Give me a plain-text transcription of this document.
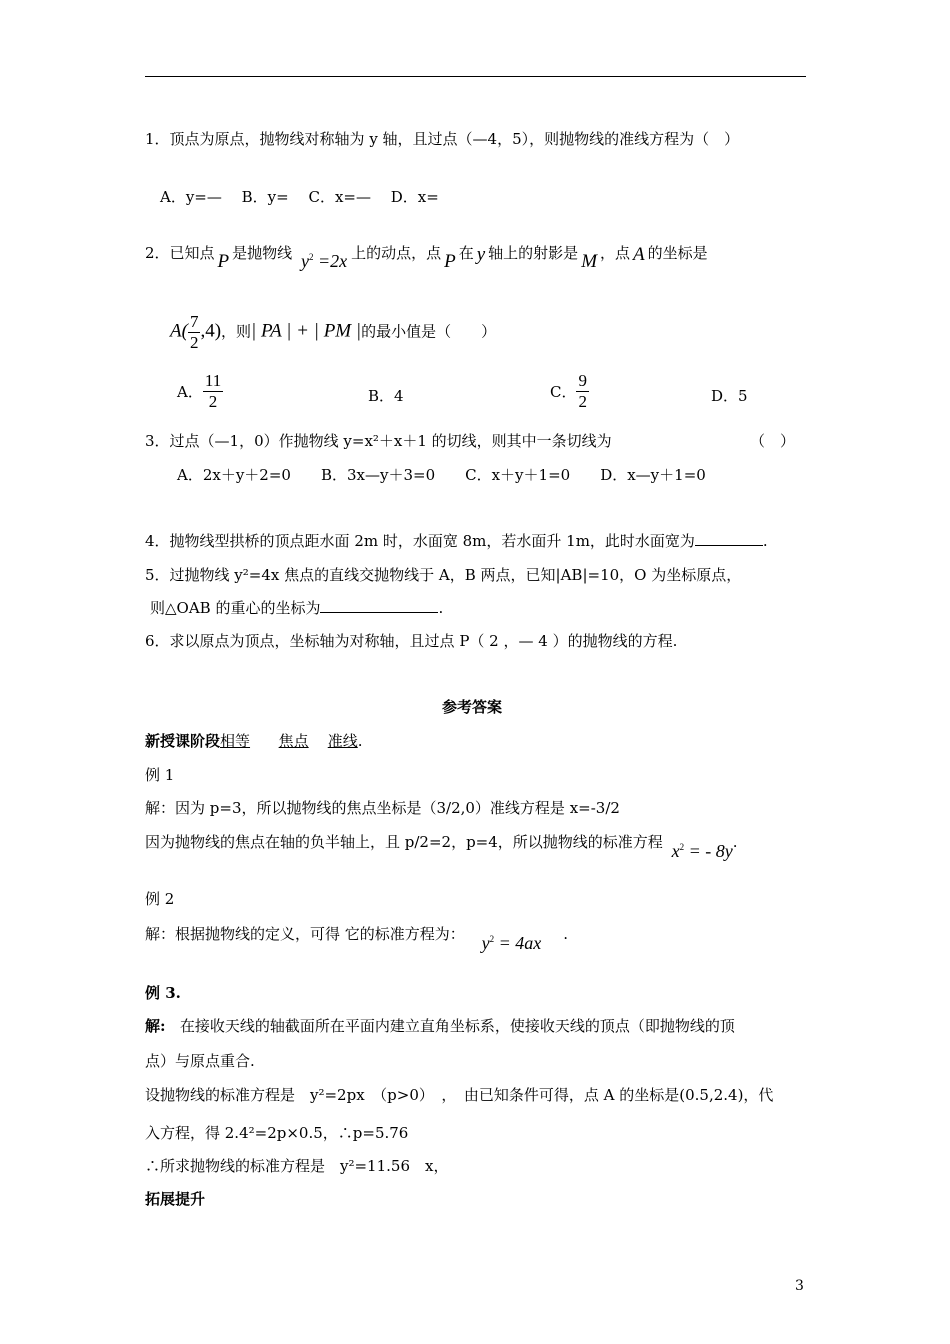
1．顶点为原点，抛物线对称轴为 y 轴，且过点（—4，5），则抛物线的准线方程为（　）
A．y=—　 B．y=　 C．x=—　 D．x=
2．已知点 P 是抛物线 $y^2 =2x$ 上的动点，点 P 在 y 轴上的射影是 M ，点 A 的坐标是
$A( \frac{7}{2} ,4)$，则| PA | + | PM |的最小值是（　　）
A． $\frac{11}{2}$	B．4	C． $\frac{9}{2}$	D．5
3．过点（—1，0）作抛物线 y=x²＋x＋1 的切线，则其中一条切线为	（　）
A．2x＋y＋2=0　　B．3x—y＋3=0　　C．x＋y＋1=0　　D．x—y＋1=0
4．抛物线型拱桥的顶点距水面 2m 时，水面宽 8m，若水面升 1m，此时水面宽为	.
5．过抛物线 y²=4x 焦点的直线交抛物线于 A，B 两点，已知|AB|=10，O 为坐标原点，
则△OAB 的重心的坐标为	.
6．求以原点为顶点，坐标轴为对称轴，且过点 P（ 2 ，— 4 ）的抛物线的方程.
参考答案
新授课阶段相等 焦点 准线.
例 1
解：因为 p=3，所以抛物线的焦点坐标是（3/2,0）准线方程是 x=-3/2
因为抛物线的焦点在轴的负半轴上，且 p/2=2，p=4，所以抛物线的标准方程 $x^2$ = - 8y.
例 2
解：根据抛物线的定义，可得 它的标准方程为： $y^2 = 4ax$ .
例 3.
解: 在接收天线的轴截面所在平面内建立直角坐标系，使接收天线的顶点（即抛物线的顶
点）与原点重合.
设抛物线的标准方程是　y²=2px　（p>0）　，　由已知条件可得，点 A 的坐标是(0.5,2.4)，代
入方程，得 2.4²=2p×0.5，∴p=5.76
∴所求抛物线的标准方程是　y²=11.56　x，
拓展提升
3
